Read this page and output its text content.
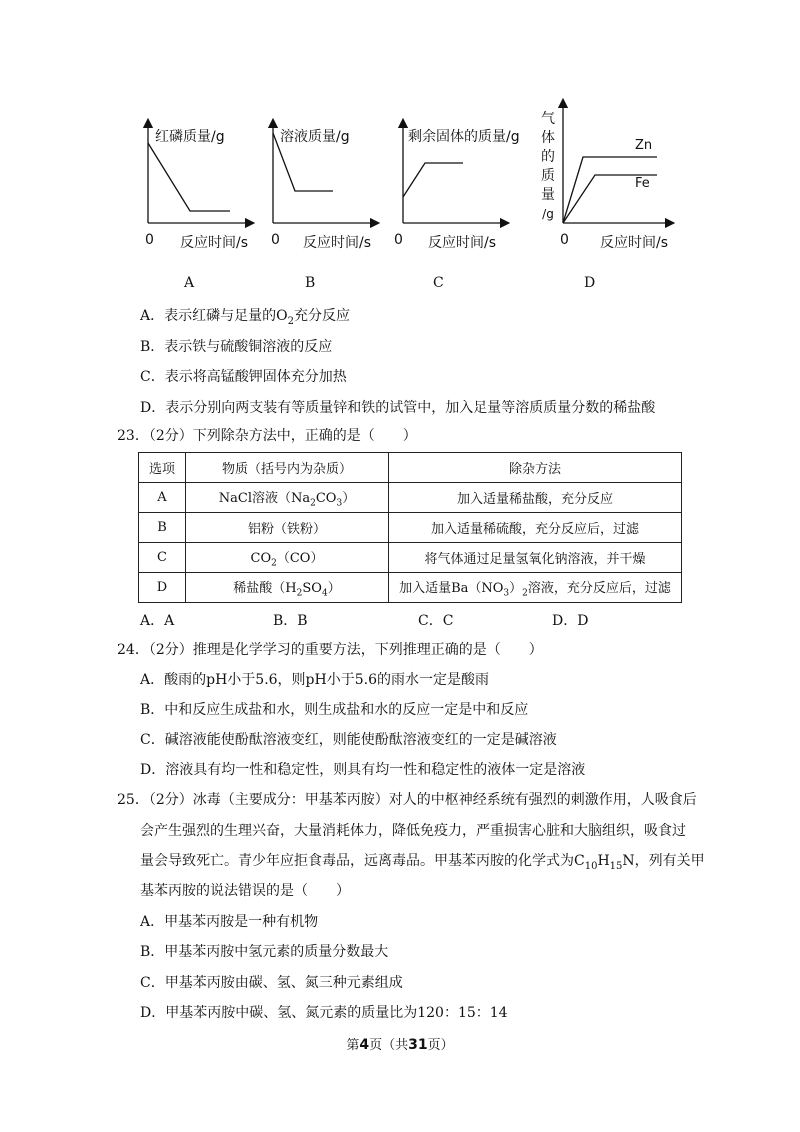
红磷质量/g
0 反应时间/s
A
溶液质量/g
0 反应时间/s
B
剩余固体的质量/g
0 反应时间/s
C
气
体
的
质
量
/g
Zn
Fe
0 反应时间/s
D
A．表示红磷与足量的$O_2$充分反应
B．表示铁与硫酸铜溶液的反应
C．表示将高锰酸钾固体充分加热
D．表示分别向两支装有等质量锌和铁的试管中，加入足量等溶质质量分数的稀盐酸
23．（2分）下列除杂方法中，正确的是（　　）
选项	物质（括号内为杂质）	除杂方法
A	NaCl溶液$(Na_2CO_3)$	加入适量稀盐酸，充分反应
B	铝粉（铁粉）	加入适量稀硫酸，充分反应后，过滤
C	$CO_2(CO)$	将气体通过足量氢氧化钠溶液，并干燥
D	稀盐酸$(H_2SO_4)$	加入适量$Ba(NO_3)_2$溶液，充分反应后，过滤
A．A	B．B	C．C	D．D
24．（2分）推理是化学学习的重要方法，下列推理正确的是（　　）
A．酸雨的pH小于5.6，则pH小于5.6的雨水一定是酸雨
B．中和反应生成盐和水，则生成盐和水的反应一定是中和反应
C．碱溶液能使酚酞溶液变红，则能使酚酞溶液变红的一定是碱溶液
D．溶液具有均一性和稳定性，则具有均一性和稳定性的液体一定是溶液
25．（2分）冰毒（主要成分：甲基苯丙胺）对人的中枢神经系统有强烈的刺激作用，人吸食后
会产生强烈的生理兴奋，大量消耗体力，降低免疫力，严重损害心脏和大脑组织，吸食过
量会导致死亡。青少年应拒食毒品，远离毒品。甲基苯丙胺的化学式为$C_{10}H_{15}N$，列有关甲
基苯丙胺的说法错误的是（　　）
A．甲基苯丙胺是一种有机物
B．甲基苯丙胺中氢元素的质量分数最大
C．甲基苯丙胺由碳、氢、氮三种元素组成
D．甲基苯丙胺中碳、氢、氮元素的质量比为120：15：14
第4页（共31页）
